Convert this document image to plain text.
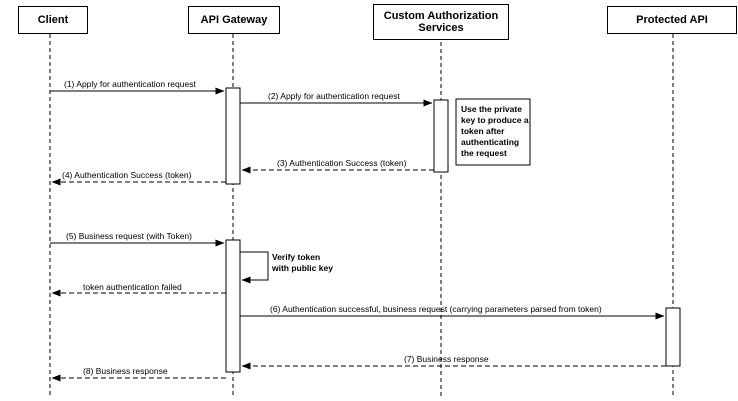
Client	API Gateway	Custom Authorization Services
Protected API
(1) Apply for authentication request
(2) Apply for authentication request
(3) Authentication Success (token)
(4) Authentication Success (token)
(5) Business request (with Token)
token authentication failed
(6) Authentication successful, business request (carrying parameters parsed from token)
(7) Business response
(8) Business response
Use the private
key to produce a
token after
authenticating
the request
Verify token
with public key
